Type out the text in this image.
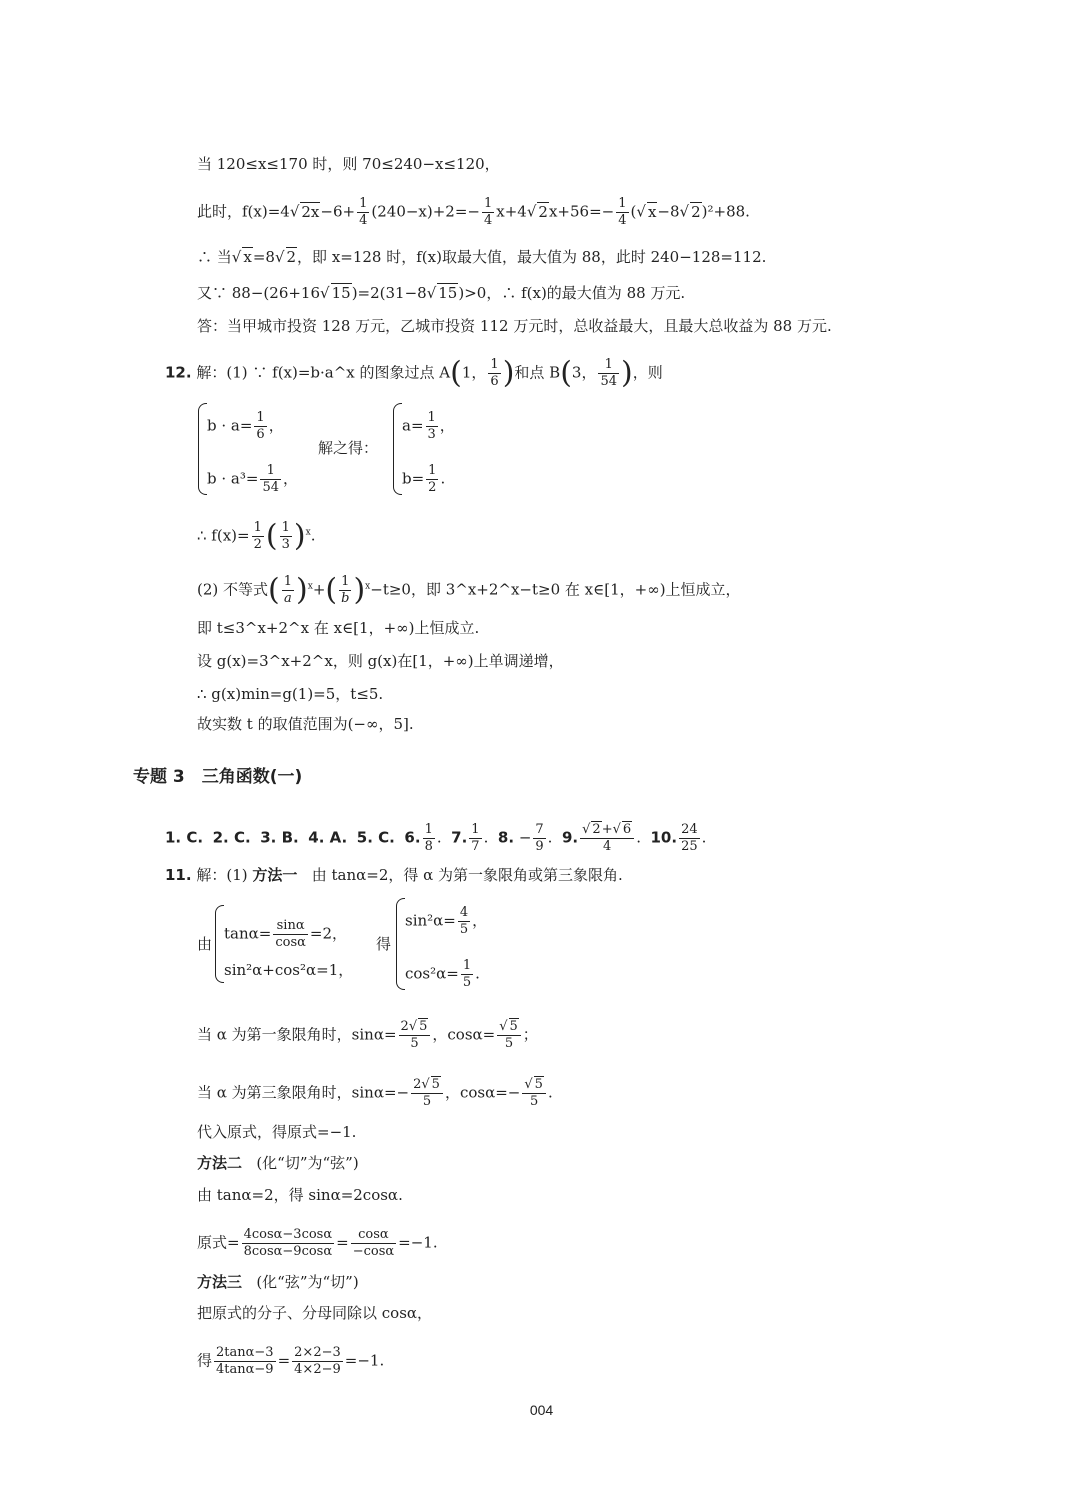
当 120≤x≤170 时，则 70≤240−x≤120，
此时，f(x)=4√ $2x-6+ \frac{1}{4} (240-x)+2=- \frac{1}{4} x+4√$ $2x+56=- \frac{1}{4}$ (√ x−8√ 2)²+88.
∴ 当√ x=8√ 2，即 x=128 时，f(x)取最大值，最大值为 88，此时 240−128=112.
又∵ 88−(26+16√ 15)=2(31−8√ 15)>0，∴ f(x)的最大值为 88 万元.
答：当甲城市投资 128 万元，乙城市投资 112 万元时，总收益最大，且最大总收益为 88 万元.
12. 解：(1) ∵ f(x)=b·a^x 的图象过点 A(1， $\frac{1}{6}$ )和点 B(3， $\frac{1}{54}$ )，则
$b \cdot a= \frac{1}{6}$ ，
$b \cdot a^3= \frac{1}{54}$ ，
解之得：
$a= \frac{1}{3}$ ，
$b= \frac{1}{2}$ .
∴ $f(x)= \frac{1}{2}$ ( $\frac{1}{3} )^x$.
(2) 不等式( $\frac{1}{a} )^x+( \frac{1}{b} )^x-t\ge 0$，即 3^x+2^x−t≥0 在 x∈[1，+∞)上恒成立，
即 t≤3^x+2^x 在 x∈[1，+∞)上恒成立.
设 g(x)=3^x+2^x，则 g(x)在[1，+∞)上单调递增，
∴ g(x)min=g(1)=5，t≤5.
故实数 t 的取值范围为(−∞，5].
专题 3　三角函数(一)
1. C. 2. C. 3. B. 4. A. 5. C. 6. $\frac{1}{8}$ .  7. $\frac{1}{7}$ .  8. − $\frac{7}{9}$ .  9. $\frac{√ 2+√ 6}{4}$ .  10. $\frac{24}{25}$ .
11. 解：(1) 方法一 由 tanα=2，得 α 为第一象限角或第三象限角.
由
$\tan\alpha= \frac{\sin\alpha}{\cos\alpha} =2$，
sin²α+cos²α=1，
得
$\sin^2\alpha= \frac{4}{5}$ ，
$\cos^2\alpha= \frac{1}{5}$ .
当 α 为第一象限角时，$\sin\alpha= \frac{2√ 5}{5}$ ，$\cos\alpha= \frac{√ 5}{5}$ ；
当 α 为第三象限角时，$\sin\alpha=- \frac{2√ 5}{5}$ ，$\cos\alpha=- \frac{√ 5}{5}$ .
代入原式，得原式=−1.
方法二 (化“切”为“弦”)
由 tanα=2，得 sinα=2cosα.
原式= $\frac{4\cos\alpha-3\cos\alpha}{8\cos\alpha-9\cos\alpha} = \frac{\cos\alpha}{-\cos\alpha} =-1$.
方法三 (化“弦”为“切”)
把原式的分子、分母同除以 cosα，
得 $\frac{2\tan\alpha-3}{4\tan\alpha-9} = \frac{2\times 2-3}{4\times 2-9} =-1$.
004
